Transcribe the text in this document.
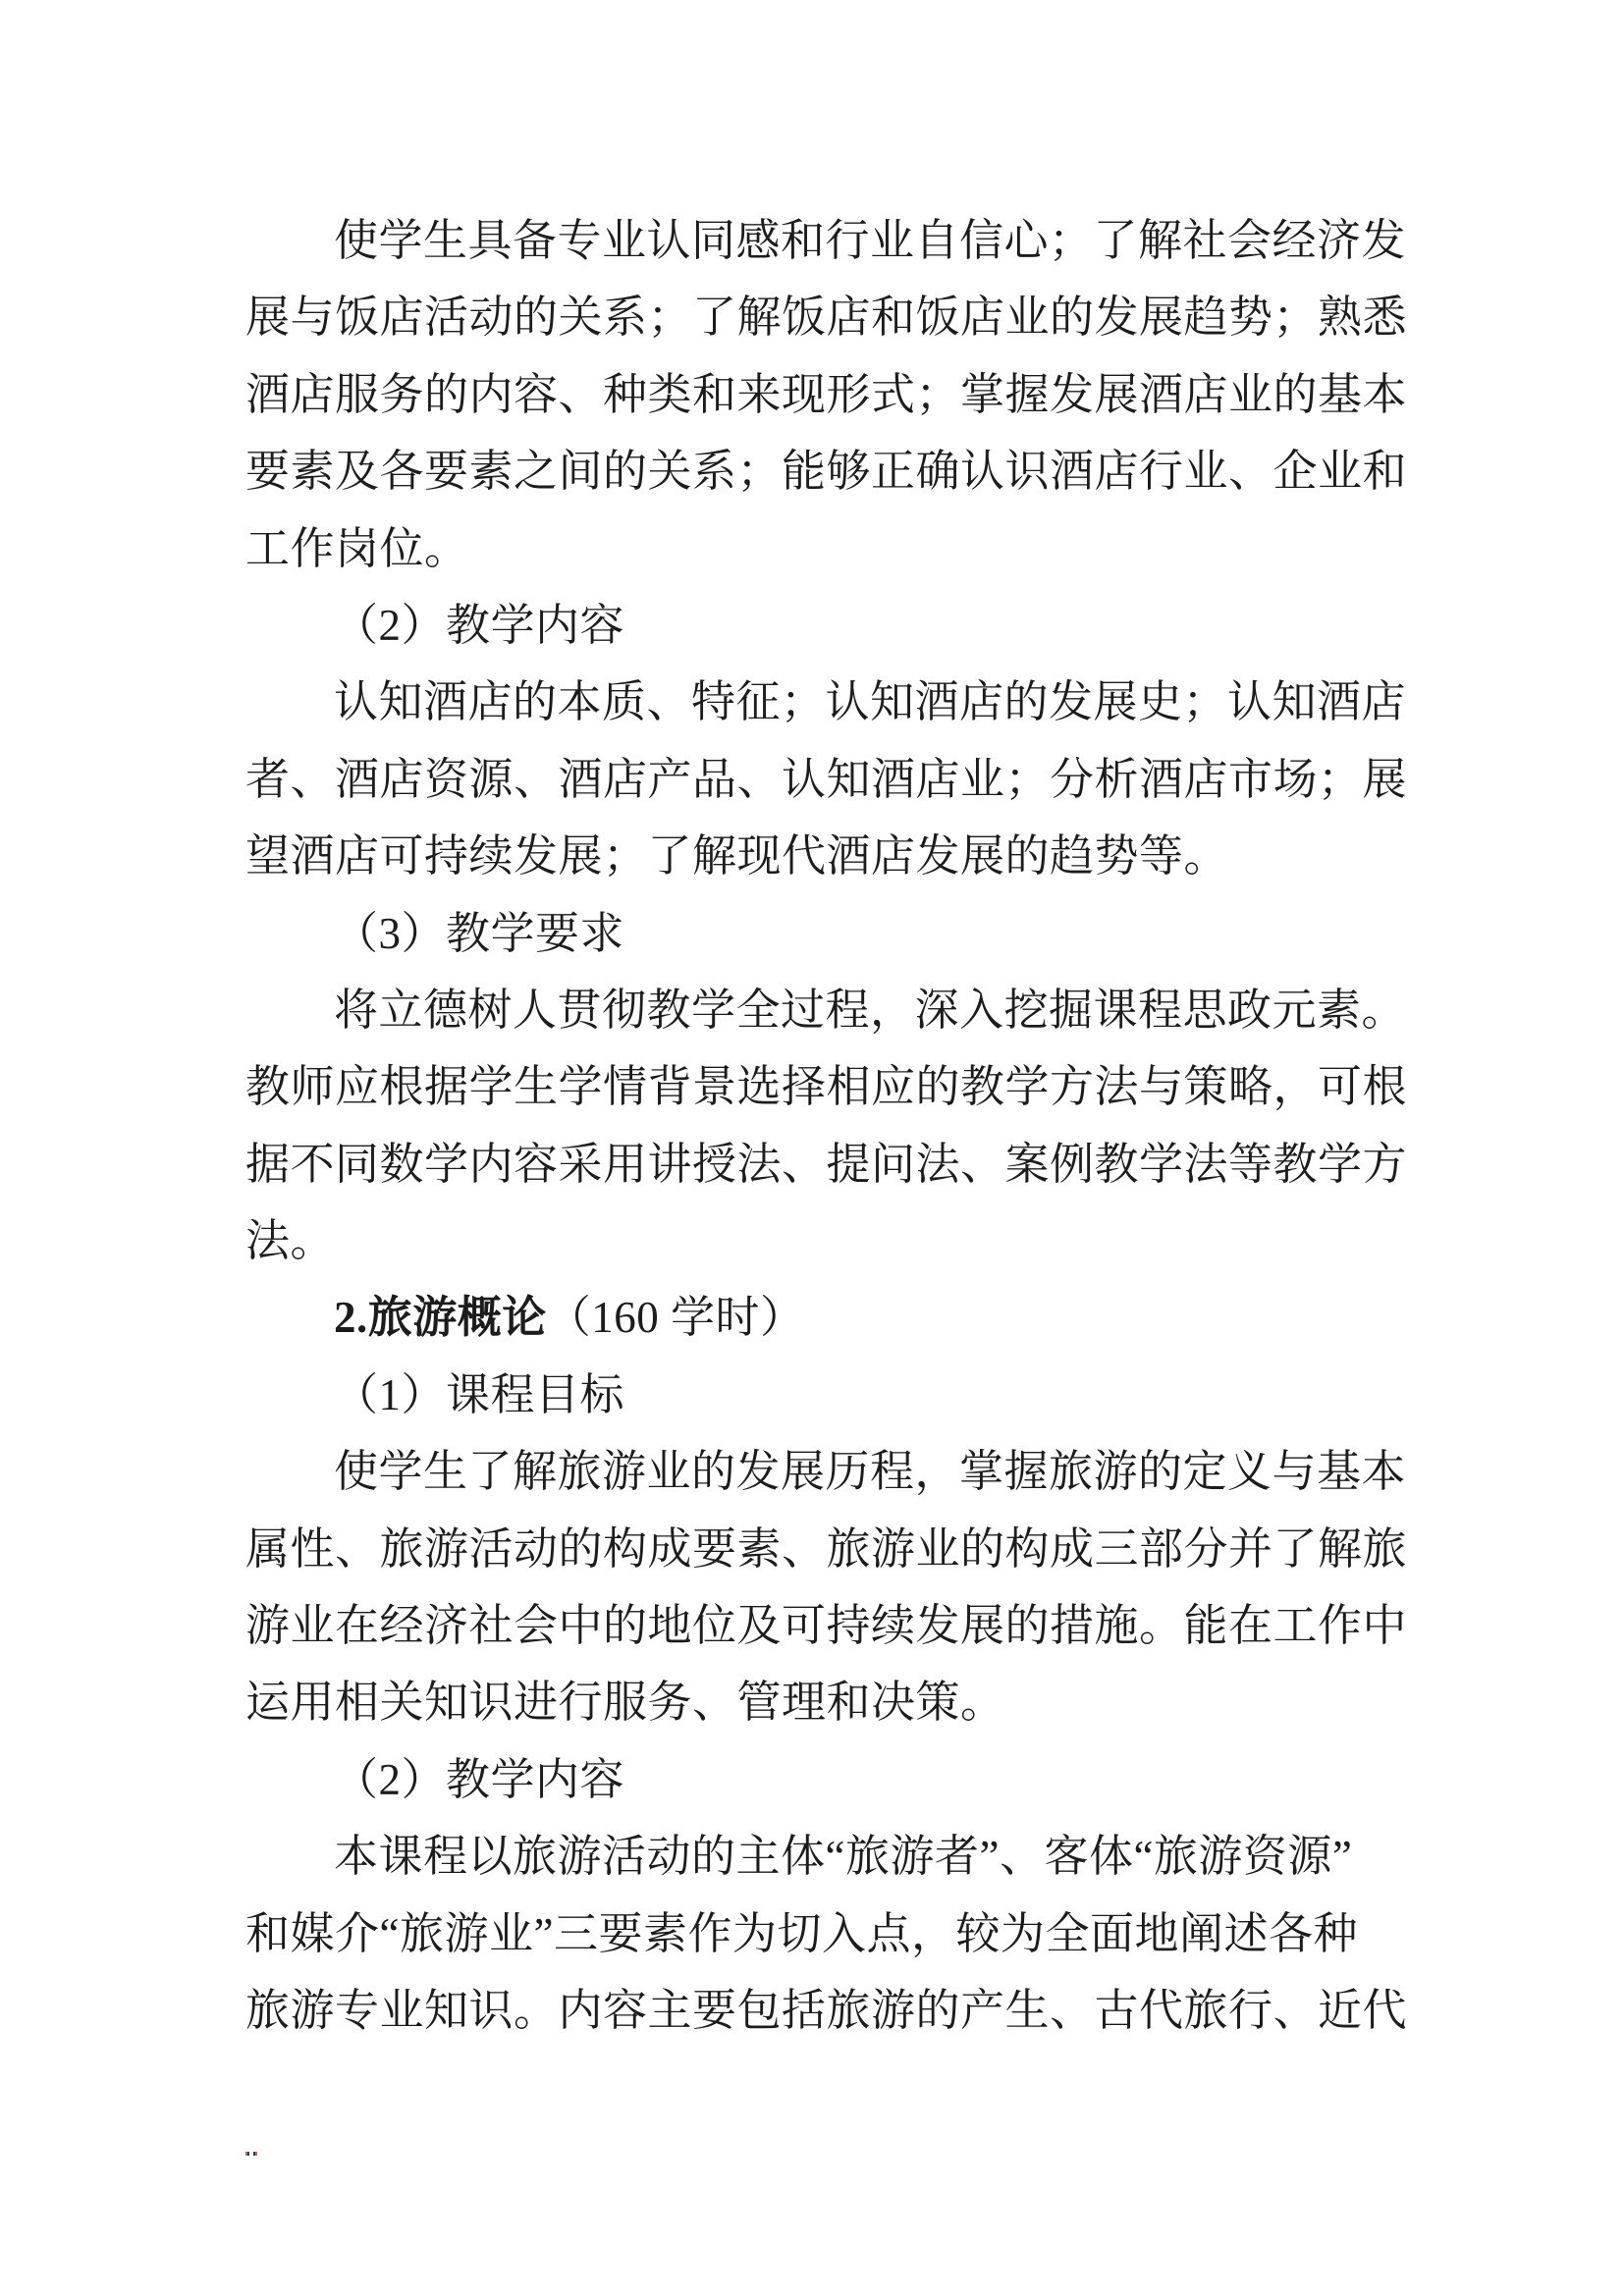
使学生具备专业认同感和行业自信心；了解社会经济发
展与饭店活动的关系；了解饭店和饭店业的发展趋势；熟悉
酒店服务的内容、种类和来现形式；掌握发展酒店业的基本
要素及各要素之间的关系；能够正确认识酒店行业、企业和
工作岗位。
（2）教学内容
认知酒店的本质、特征；认知酒店的发展史；认知酒店
者、酒店资源、酒店产品、认知酒店业；分析酒店市场；展
望酒店可持续发展；了解现代酒店发展的趋势等。
（3）教学要求
将立德树人贯彻教学全过程，深入挖掘课程思政元素。
教师应根据学生学情背景选择相应的教学方法与策略，可根
据不同数学内容采用讲授法、提问法、案例教学法等教学方
法。
2.旅游概论（160 学时）
（1）课程目标
使学生了解旅游业的发展历程，掌握旅游的定义与基本
属性、旅游活动的构成要素、旅游业的构成三部分并了解旅
游业在经济社会中的地位及可持续发展的措施。能在工作中
运用相关知识进行服务、管理和决策。
（2）教学内容
本课程以旅游活动的主体“旅游者”、客体“旅游资源”
和媒介“旅游业”三要素作为切入点，较为全面地阐述各种
旅游专业知识。内容主要包括旅游的产生、古代旅行、近代
